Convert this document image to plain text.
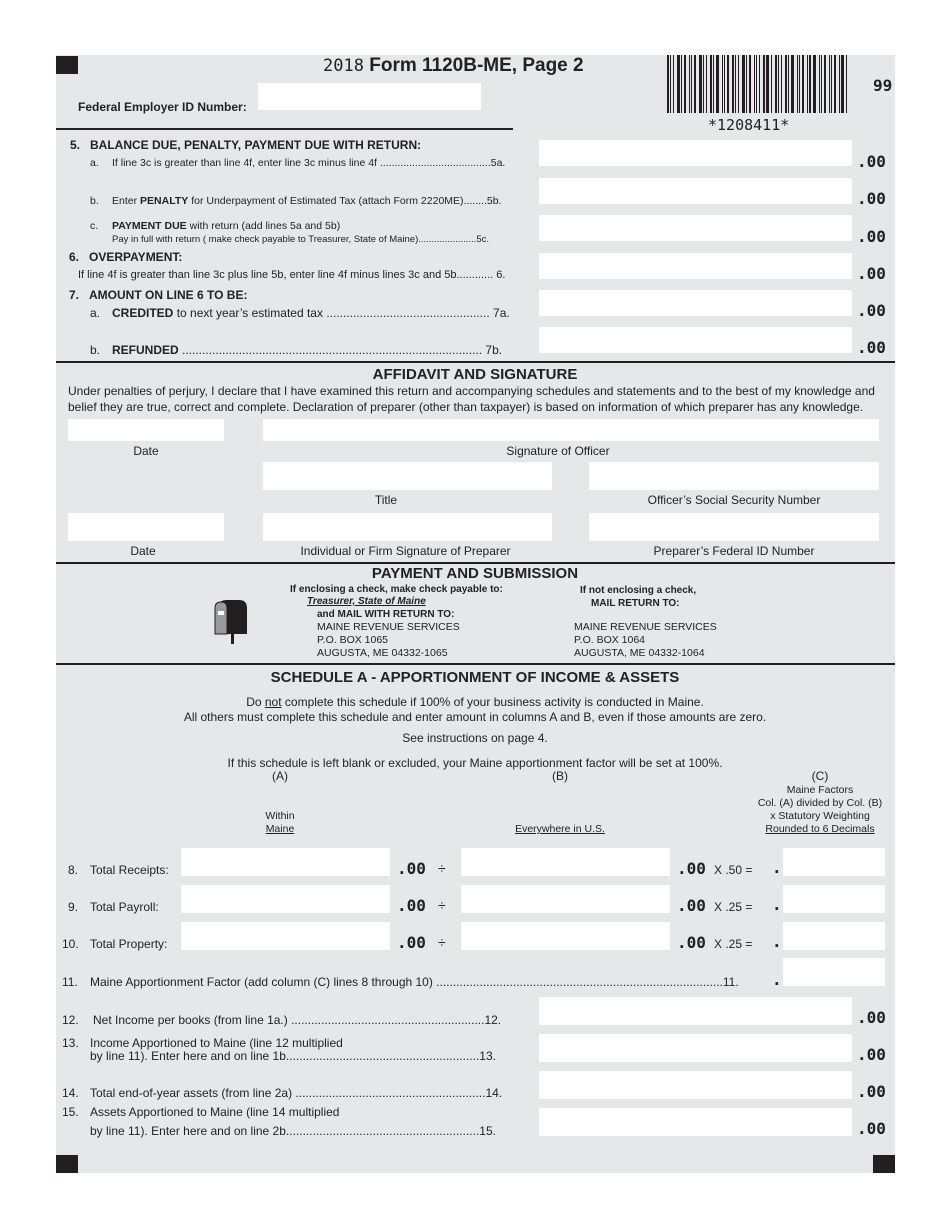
2018 Form 1120B-ME, Page 2
99
*1208411*
Federal Employer ID Number:
5. BALANCE DUE, PENALTY, PAYMENT DUE WITH RETURN:
a. If line 3c is greater than line 4f, enter line 3c minus line 4f ......................................5a.	.00
b. Enter PENALTY for Underpayment of Estimated Tax (attach Form 2220ME)........5b.	.00
c. PAYMENT DUE with return (add lines 5a and 5b)
Pay in full with return ( make check payable to Treasurer, State of Maine)......................5c.	.00
6. OVERPAYMENT:
If line 4f is greater than line 3c plus line 5b, enter line 4f minus lines 3c and 5b............ 6.	.00
7. AMOUNT ON LINE 6 TO BE:
a. CREDITED to next year’s estimated tax ................................................. 7a.	.00
b. REFUNDED .......................................................................................... 7b.	.00
AFFIDAVIT AND SIGNATURE
Under penalties of perjury, I declare that I have examined this return and accompanying schedules and statements and to the best of my knowledge and
belief they are true, correct and complete. Declaration of preparer (other than taxpayer) is based on information of which preparer has any knowledge.
Date	Signature of Officer
Title	Officer’s Social Security Number
Date	Individual or Firm Signature of Preparer	Preparer’s Federal ID Number
PAYMENT AND SUBMISSION
If enclosing a check, make check payable to:
Treasurer, State of Maine
and MAIL WITH RETURN TO:
MAINE REVENUE SERVICES
P.O. BOX 1065
AUGUSTA, ME 04332-1065
If not enclosing a check,
MAIL RETURN TO:
MAINE REVENUE SERVICES
P.O. BOX 1064
AUGUSTA, ME 04332-1064
SCHEDULE A - APPORTIONMENT OF INCOME & ASSETS
Do not complete this schedule if 100% of your business activity is conducted in Maine.
All others must complete this schedule and enter amount in columns A and B, even if those amounts are zero.
See instructions on page 4.
If this schedule is left blank or excluded, your Maine apportionment factor will be set at 100%.
(A)
Within
Maine
(B)
Everywhere in U.S.
(C)
Maine Factors
Col. (A) divided by Col. (B)
x Statutory Weighting
Rounded to 6 Decimals
8. Total Receipts:	.00 ÷	.00 X .50 = .
9. Total Payroll:	.00 ÷	.00 X .25 = .
10. Total Property:	.00 ÷	.00 X .25 = .
11. Maine Apportionment Factor (add column (C) lines 8 through 10) ......................................................................................11. .
12. Net Income per books (from line 1a.) ..........................................................12.	.00
13. Income Apportioned to Maine (line 12 multiplied
by line 11). Enter here and on line 1b..........................................................13.	.00
14. Total end-of-year assets (from line 2a) .........................................................14.	.00
15. Assets Apportioned to Maine (line 14 multiplied
by line 11). Enter here and on line 2b..........................................................15.	.00
